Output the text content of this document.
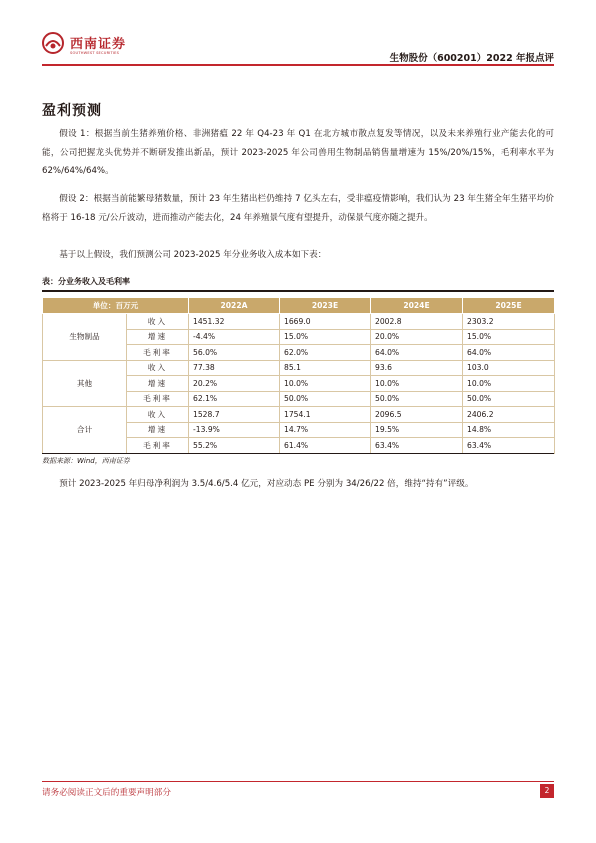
西南证券
SOUTHWEST SECURITIES	生物股份（600201）2022 年报点评
盈利预测

假设 1：根据当前生猪养殖价格、非洲猪瘟 22 年 Q4-23 年 Q1 在北方城市散点复发等情况，以及未来养殖行业产能去化的可能，公司把握龙头优势并不断研发推出新品，预计 2023-2025 年公司兽用生物制品销售量增速为 15%/20%/15%，毛利率水平为 62%/64%/64%。

假设 2：根据当前能繁母猪数量，预计 23 年生猪出栏仍维持 7 亿头左右，受非瘟疫情影响，我们认为 23 年生猪全年生猪平均价格将于 16-18 元/公斤波动，进而推动产能去化，24 年养殖景气度有望提升，动保景气度亦随之提升。

基于以上假设，我们预测公司 2023-2025 年分业务收入成本如下表：

表：分业务收入及毛利率
单位：百万元		2022A	2023E	2024E	2025E
生物制品	收入	1451.32	1669.0	2002.8	2303.2
	增速	-4.4%	15.0%	20.0%	15.0%
	毛利率	56.0%	62.0%	64.0%	64.0%
其他	收入	77.38	85.1	93.6	103.0
	增速	20.2%	10.0%	10.0%	10.0%
	毛利率	62.1%	50.0%	50.0%	50.0%
合计	收入	1528.7	1754.1	2096.5	2406.2
	增速	-13.9%	14.7%	19.5%	14.8%
	毛利率	55.2%	61.4%	63.4%	63.4%
数据来源：Wind，西南证券

预计 2023-2025 年归母净利润为 3.5/4.6/5.4 亿元，对应动态 PE 分别为 34/26/22 倍，维持“持有”评级。

请务必阅读正文后的重要声明部分	2
